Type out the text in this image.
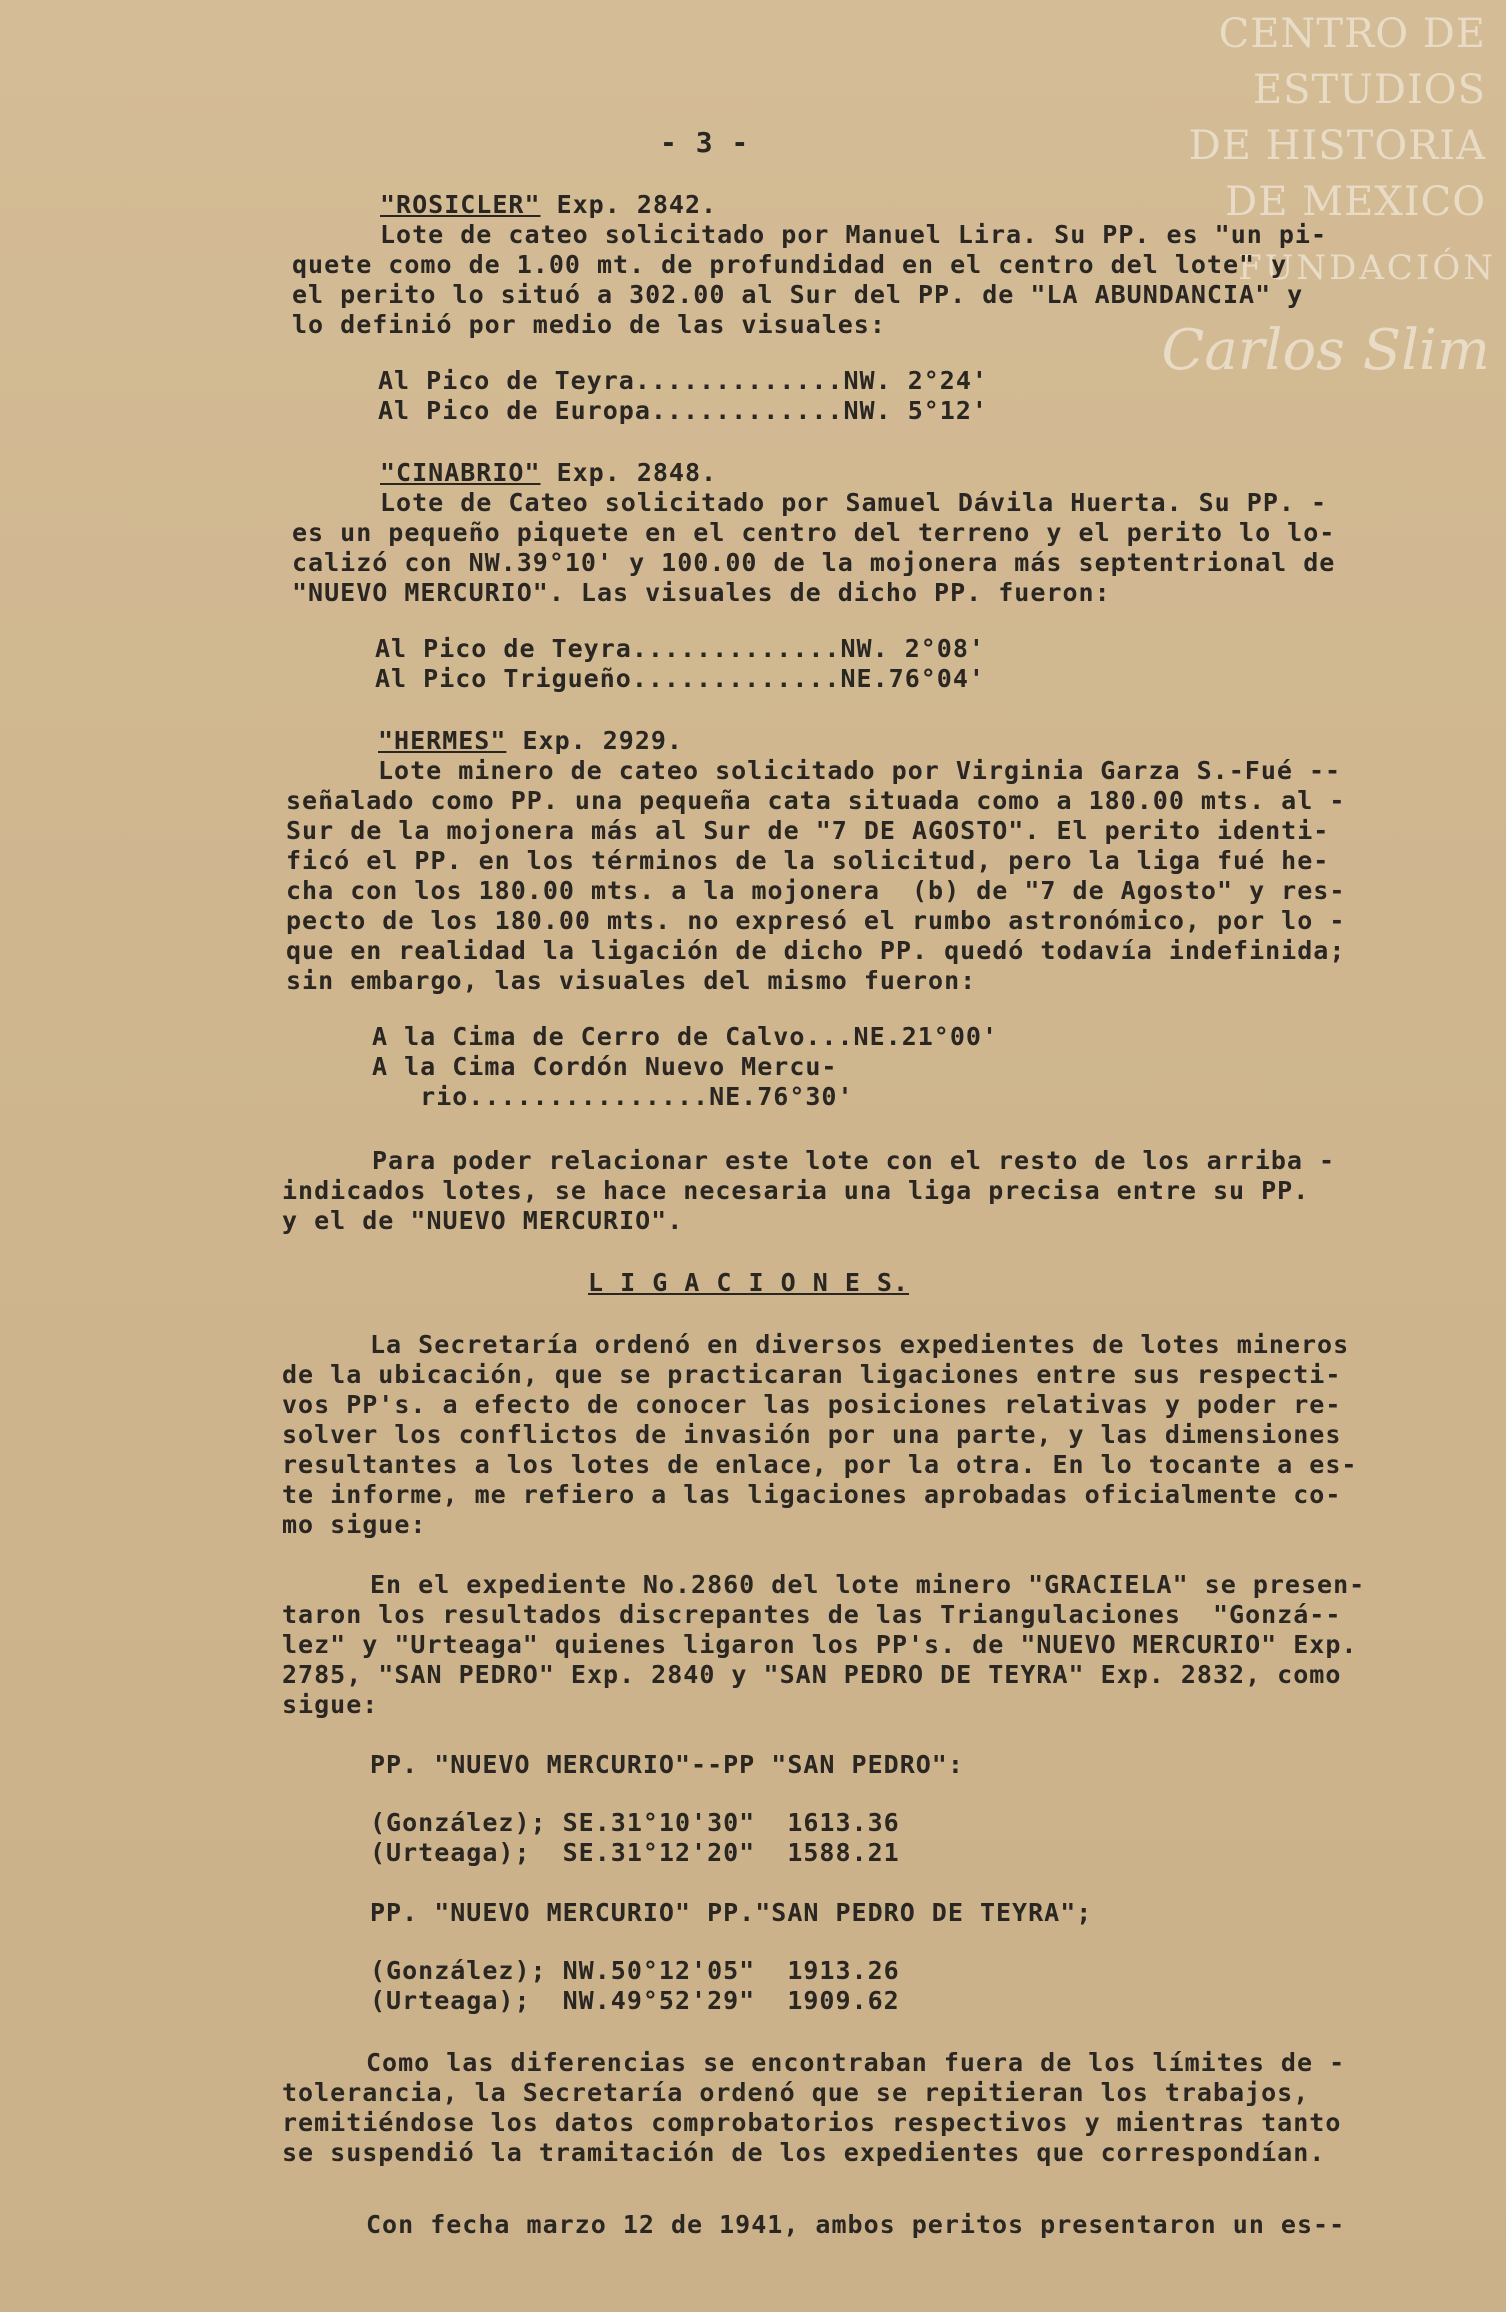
CENTRO DE
ESTUDIOS
DE HISTORIA
DE MEXICO
FUNDACIÓN
Carlos Slim
- 3 -
"ROSICLER" Exp. 2842.
Lote de cateo solicitado por Manuel Lira. Su PP. es "un pi-
quete como de 1.00 mt. de profundidad en el centro del lote" y
el perito lo situó a 302.00 al Sur del PP. de "LA ABUNDANCIA" y
lo definió por medio de las visuales:
Al Pico de Teyra.............NW. 2°24'
Al Pico de Europa............NW. 5°12'
"CINABRIO" Exp. 2848.
Lote de Cateo solicitado por Samuel Dávila Huerta. Su PP. -
es un pequeño piquete en el centro del terreno y el perito lo lo-
calizó con NW.39°10' y 100.00 de la mojonera más septentrional de
"NUEVO MERCURIO". Las visuales de dicho PP. fueron:
Al Pico de Teyra.............NW. 2°08'
Al Pico Trigueño.............NE.76°04'
"HERMES" Exp. 2929.
Lote minero de cateo solicitado por Virginia Garza S.-Fué --
señalado como PP. una pequeña cata situada como a 180.00 mts. al -
Sur de la mojonera más al Sur de "7 DE AGOSTO". El perito identi-
ficó el PP. en los términos de la solicitud, pero la liga fué he-
cha con los 180.00 mts. a la mojonera  (b) de "7 de Agosto" y res-
pecto de los 180.00 mts. no expresó el rumbo astronómico, por lo -
que en realidad la ligación de dicho PP. quedó todavía indefinida;
sin embargo, las visuales del mismo fueron:
A la Cima de Cerro de Calvo...NE.21°00'
A la Cima Cordón Nuevo Mercu-
rio...............NE.76°30'
Para poder relacionar este lote con el resto de los arriba -
indicados lotes, se hace necesaria una liga precisa entre su PP.
y el de "NUEVO MERCURIO".
L I G A C I O N E S.
La Secretaría ordenó en diversos expedientes de lotes mineros
de la ubicación, que se practicaran ligaciones entre sus respecti-
vos PP's. a efecto de conocer las posiciones relativas y poder re-
solver los conflictos de invasión por una parte, y las dimensiones
resultantes a los lotes de enlace, por la otra. En lo tocante a es-
te informe, me refiero a las ligaciones aprobadas oficialmente co-
mo sigue:
En el expediente No.2860 del lote minero "GRACIELA" se presen-
taron los resultados discrepantes de las Triangulaciones  "Gonzá--
lez" y "Urteaga" quienes ligaron los PP's. de "NUEVO MERCURIO" Exp.
2785, "SAN PEDRO" Exp. 2840 y "SAN PEDRO DE TEYRA" Exp. 2832, como
sigue:
PP. "NUEVO MERCURIO"--PP "SAN PEDRO":
(González); SE.31°10'30"  1613.36
(Urteaga);  SE.31°12'20"  1588.21
PP. "NUEVO MERCURIO" PP."SAN PEDRO DE TEYRA";
(González); NW.50°12'05"  1913.26
(Urteaga);  NW.49°52'29"  1909.62
Como las diferencias se encontraban fuera de los límites de -
tolerancia, la Secretaría ordenó que se repitieran los trabajos,
remitiéndose los datos comprobatorios respectivos y mientras tanto
se suspendió la tramitación de los expedientes que correspondían.
Con fecha marzo 12 de 1941, ambos peritos presentaron un es--
